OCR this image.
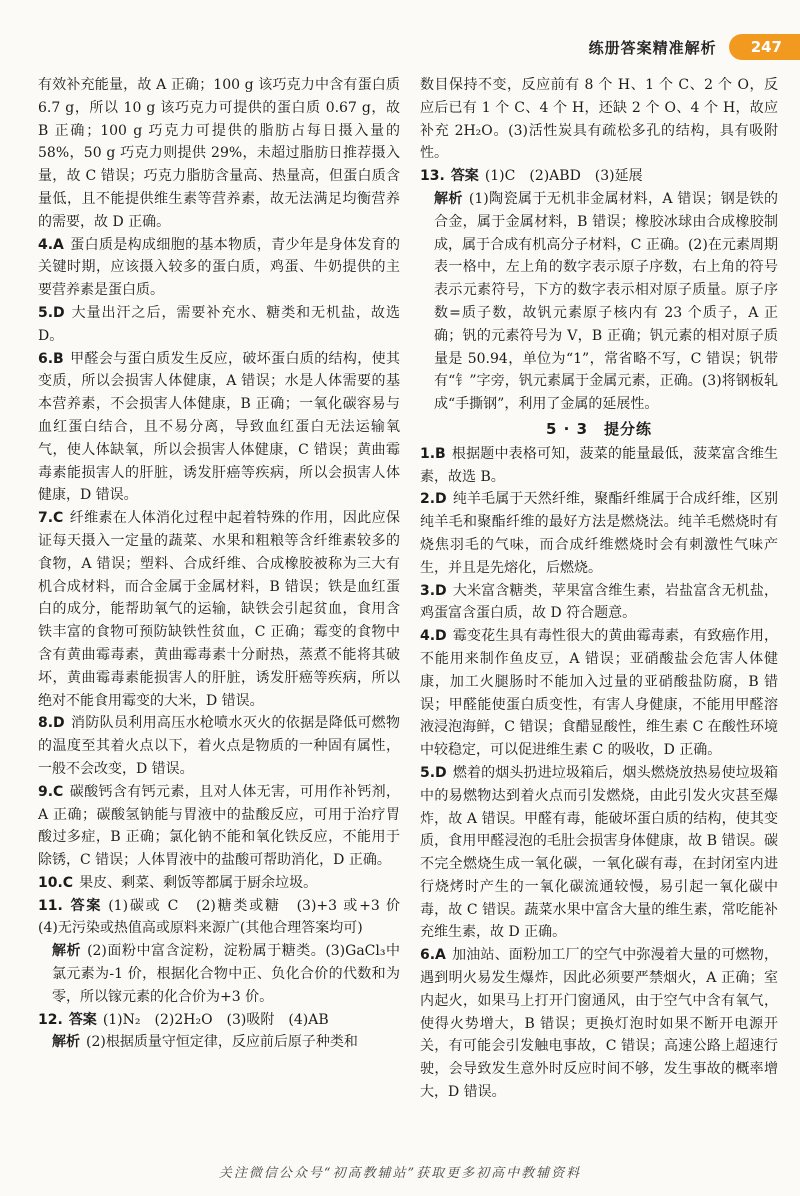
练册答案精准解析	247

有效补充能量，故 A 正确；100 g 该巧克力中含有蛋白质 6.7 g，所以 10 g 该巧克力可提供的蛋白质 0.67 g，故 B 正确；100 g 巧克力可提供的脂肪占每日摄入量的 58%，50 g 巧克力则提供 29%，未超过脂肪日推荐摄入量，故 C 错误；巧克力脂肪含量高、热量高，但蛋白质含量低，且不能提供维生素等营养素，故无法满足均衡营养的需要，故 D 正确。

4.A 蛋白质是构成细胞的基本物质，青少年是身体发育的关键时期，应该摄入较多的蛋白质，鸡蛋、牛奶提供的主要营养素是蛋白质。

5.D 大量出汗之后，需要补充水、糖类和无机盐，故选 D。

6.B 甲醛会与蛋白质发生反应，破坏蛋白质的结构，使其变质，所以会损害人体健康，A 错误；水是人体需要的基本营养素，不会损害人体健康，B 正确；一氧化碳容易与血红蛋白结合，且不易分离，导致血红蛋白无法运输氧气，使人体缺氧，所以会损害人体健康，C 错误；黄曲霉毒素能损害人的肝脏，诱发肝癌等疾病，所以会损害人体健康，D 错误。

7.C 纤维素在人体消化过程中起着特殊的作用，因此应保证每天摄入一定量的蔬菜、水果和粗粮等含纤维素较多的食物，A 错误；塑料、合成纤维、合成橡胶被称为三大有机合成材料，而合金属于金属材料，B 错误；铁是血红蛋白的成分，能帮助氧气的运输，缺铁会引起贫血，食用含铁丰富的食物可预防缺铁性贫血，C 正确；霉变的食物中含有黄曲霉毒素，黄曲霉毒素十分耐热，蒸煮不能将其破坏，黄曲霉毒素能损害人的肝脏，诱发肝癌等疾病，所以绝对不能食用霉变的大米，D 错误。

8.D 消防队员利用高压水枪喷水灭火的依据是降低可燃物的温度至其着火点以下，着火点是物质的一种固有属性，一般不会改变，D 错误。

9.C 碳酸钙含有钙元素，且对人体无害，可用作补钙剂，A 正确；碳酸氢钠能与胃液中的盐酸反应，可用于治疗胃酸过多症，B 正确；氯化钠不能和氧化铁反应，不能用于除锈，C 错误；人体胃液中的盐酸可帮助消化，D 正确。

10.C 果皮、剩菜、剩饭等都属于厨余垃圾。

11. 答案 (1)碳或 C　(2)糖类或糖　(3)+3 或+3 价　(4)无污染或热值高或原料来源广(其他合理答案均可)

解析 (2)面粉中富含淀粉，淀粉属于糖类。(3)GaCl₃中氯元素为-1 价，根据化合物中正、负化合价的代数和为零，所以镓元素的化合价为+3 价。

12. 答案 (1)N₂　(2)2H₂O　(3)吸附　(4)AB

解析 (2)根据质量守恒定律，反应前后原子种类和

数目保持不变，反应前有 8 个 H、1 个 C、2 个 O，反应后已有 1 个 C、4 个 H，还缺 2 个 O、4 个 H，故应补充 2H₂O。(3)活性炭具有疏松多孔的结构，具有吸附性。

13. 答案 (1)C　(2)ABD　(3)延展

解析 (1)陶瓷属于无机非金属材料，A 错误；钢是铁的合金，属于金属材料，B 错误；橡胶冰球由合成橡胶制成，属于合成有机高分子材料，C 正确。(2)在元素周期表一格中，左上角的数字表示原子序数，右上角的符号表示元素符号，下方的数字表示相对原子质量。原子序数=质子数，故钒元素原子核内有 23 个质子，A 正确；钒的元素符号为 V，B 正确；钒元素的相对原子质量是 50.94，单位为“1”，常省略不写，C 错误；钒带有“钅”字旁，钒元素属于金属元素，正确。(3)将钢板轧成“手撕钢”，利用了金属的延展性。

5 · 3　提分练

1.B 根据题中表格可知，菠菜的能量最低，菠菜富含维生素，故选 B。

2.D 纯羊毛属于天然纤维，聚酯纤维属于合成纤维，区别纯羊毛和聚酯纤维的最好方法是燃烧法。纯羊毛燃烧时有烧焦羽毛的气味，而合成纤维燃烧时会有刺激性气味产生，并且是先熔化，后燃烧。

3.D 大米富含糖类，苹果富含维生素，岩盐富含无机盐，鸡蛋富含蛋白质，故 D 符合题意。

4.D 霉变花生具有毒性很大的黄曲霉毒素，有致癌作用，不能用来制作鱼皮豆，A 错误；亚硝酸盐会危害人体健康，加工火腿肠时不能加入过量的亚硝酸盐防腐，B 错误；甲醛能使蛋白质变性，有害人身健康，不能用甲醛溶液浸泡海鲜，C 错误；食醋显酸性，维生素 C 在酸性环境中较稳定，可以促进维生素 C 的吸收，D 正确。

5.D 燃着的烟头扔进垃圾箱后，烟头燃烧放热易使垃圾箱中的易燃物达到着火点而引发燃烧，由此引发火灾甚至爆炸，故 A 错误。甲醛有毒，能破坏蛋白质的结构，使其变质，食用甲醛浸泡的毛肚会损害身体健康，故 B 错误。碳不完全燃烧生成一氧化碳，一氧化碳有毒，在封闭室内进行烧烤时产生的一氧化碳流通较慢，易引起一氧化碳中毒，故 C 错误。蔬菜水果中富含大量的维生素，常吃能补充维生素，故 D 正确。

6.A 加油站、面粉加工厂的空气中弥漫着大量的可燃物，遇到明火易发生爆炸，因此必须要严禁烟火，A 正确；室内起火，如果马上打开门窗通风，由于空气中含有氧气，使得火势增大，B 错误；更换灯泡时如果不断开电源开关，有可能会引发触电事故，C 错误；高速公路上超速行驶，会导致发生意外时反应时间不够，发生事故的概率增大，D 错误。

关注微信公众号“初高教辅站”获取更多初高中教辅资料
